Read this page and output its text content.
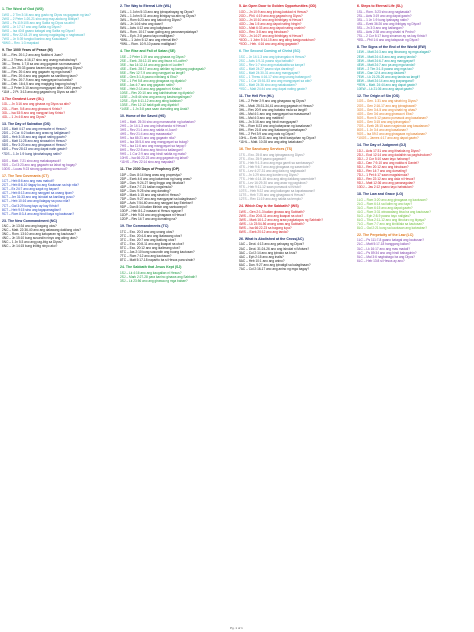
1. The Word of God (WG)
1WG – 2 Tim 3:16 ano ang gusto ng Diyos na gagawin ng tao?
2WG – 2 Peter 1:20-21 sino ang may-akda ng Bibliya?
3WG – Ps 119:105 ano ang Salita ng Diyos sa atin?
4WG – Jn 17:17 ano ang Salita ng Diyos?
5WG – Isa 40:8 gaano katagal ang Salita ng Diyos?
6WG – Rev 22:18-19 ang sinong nagdagdag o nagbawas?
7WG – Jn 5:39 tungkol kanino ang Kasulatan?
*8WG – Rev. 1:3 mapalad
9. The 1000 Years of Peace (M)
1M — Rev. 20:1,2 ano ang Nakita ni Juan?
2M — 2 Thess. 4:16,17 sino ang unang mabubuhay?
3M — Thess. 1:7,8 sa ano ang gagawin sa masasama?
4M — Jer. 25:33 gaano karami ang magugulat ng Diyos?
5M — Rev. 20:4 ano ang gagawin ng mga banal?
6M — Rev. 20:4 ano ang gagawin sa sanlibong taon?
7M — Rev. 20:7-9 ano ang mangyayari sa kanila?
8M — Deh. 16:4,5 ano ang magiging bagong buhay?
9M — 2 Peter 3:10 anong mangyayari after 1000 years?
*11M – 2 Pt. 3:13 ano ang gagawin ng Diyos sa atin?
3.The Greatest Love (GL)
1GL – Jn 3:16 ano ang ginawa ng Diyos sa atin?
2GL – Rom. 5:8 ano ang ginawa ni Kristo?
3GL – Isa 53:5 ano ang nangyari kay Kristo?
4GL – 1 Jn 4:8 ano ang Diyos?
13. The Day of Salvation (DS)
1DS – Matt 4:17 ano ang mensahe ni Hesus?
2DS – 2 Cor. 6:2 kailan ang araw ng kaligtasan?
3DS – Heb 3:15 ano ang dapat nating gawin?
4DS – Matt 11:28 ano ang sinasabi ni Hesus?
5DS – Rev 3:20 ano ang ginagawa ni Hesus?
6DS – Prov 28:13 ano ang dapat natin gawin?
*7DS – 1 Jn 1:9 kung ipinahahayag natin?
8DS – Matt. 7:21 sino ang makakapasok?
9DS – Col 3:23 ano ang gagawin sa lahat ng bagay?
10DS – Lucas 9:23 sinong gustong sumunod?
17. The Two Covenants (CT)
1CT – Heb 8:6 ano ang mas mabuti?
2CT – Heb 8:8-10 ilagay ko ang Kautusan sa isip nila?
3CT – Ex 24:7 ano ang sagot ng bayan?
4CT – Heb 8:13 ano ang nangyari sa unang tipan?
5CT – Jer 31:33 ano ang isinulat sa kanilang puso?
6CT – Heb 10:16 ano ang ilalagay sa puso nila?
7CT – Gal 3:29 kung tayo ay kay Kristo?
8CT – Heb 9:15 sino ang tagapamagitan?
9CT – Rom 8:3-4 ano ang hindi kaya ng kautusan?
23. The New Commandment (NC)
1NC – Jn 13:34 ano ang bagong utos?
2NC – Matt. 22:36-40 ano ang dalawang dakilang utos?
3NC – Rom. 13:10 ano ang katuparan ng kautusan?
4NC – Jn 15:10 kung susundin ninyo ang aking utos?
5NC – 1 Jn 5:3 ano ang pag-ibig sa Diyos?
6NC – Jn 14:15 kung iniibig ninyo ako?
2. The Way to Eternal Life (WL)
1WL – 1 John 5:13 ano ang ipinapahayag ng Diyos?
2WL – 1 John 5:11 ano ang ibinigay sa atin ng Diyos?
3WL – Rom 6:23 ano ang kaloob ng Diyos?
4WL – Jn 14:6 sino ang daan?
5WL – Acts 4:12 ano ang kaligtasan?
6WL – Rom. 10:17 saan galing ang pananampalataya?
7WL – Eph. 2:8 paano tayo maliligtas?
*8WL – 1 John 5:12 ano ang eternal life?
*9WL – Rom. 10:9-10 paano maliligtas?
4. The Rise and Fall of Satan (SE)
1SE – 2 Peter 1:19 ano ang ginawa ng Diyos?
2SE – Ezek. 28:12-15 ano ang itsura ni Lucifer?
3SE – Isa 14:12-14 ano ang gusto ni Lucifer?
4SE – Ezek. 28:17 ano ang dahilan ng kanyang pagbagsak?
5SE – Rev 12:7-9 ano ang nangyari sa langit?
6SE – Gen 3:1-6 paano nilinlang si Eba?
7SE – 1 Pet 5:8 ano ang ginagawa ng diyablo?
8SE – Jas 4:7 ano ang gagawin natin?
9SE – Heb 2:14 ano ang gagawin ni Kristo?
10SE – Rev 20:10 ano ang kahihinatnan ng diyablo?
11SE – Jn 8:44 sino ang ama ng kasinungalingan?
12SE – Eph 6:11-12 ano ang ating kalaban?
13SE – Rev 12:12 bakit galit ang diyablo?
*14SE – 1 Jn 3:8 para saan dumating ang Anak?
10. Home of the Saved (HS)
1HS – Matt. 25:34 sino ang mamanahin ng kaharian?
2HS – Jn 14:1-3 ano ang inihahanda ni Hesus?
3HS – Rev 21:1 ano ang nakita ni Juan?
4HS – Rev 21:4 ano ang mawawala?
5HS – Isa 65:21 ano ang gagawin nila?
6HS – Isa 35:5-6 ano ang mangyayari sa bulag?
7HS – Isa 11:6 ano ang mangyayari sa hayop?
8HS – Rev 22:5 ano ang hindi na kailangan?
9HS – 1 Cor 2:9 ano ang hindi nakita ng mata?
10HS – Isa 66:22-23 ano ang gagawin ng lahat?
*11HS – Rev 22:14 sino ang mapalad?
11. The 2300 Days of Prophecy (DP)
1DP – Dan. 8:14 ilang araw ang propesiya?
2DP – Ezek 4:6 ano ang katumbas ng isang araw?
3DP – Dan. 9:24-27 ilang linggo ang itinakda?
4DP – Ezra 7:7-21 kailan nagsimula?
5DP – Dan. 9:25 sino ang darating?
6DP – Mark 1:15 ano ang sinabi ni Hesus?
7DP – Dan. 9:27 ano ang mangyayari sa kalagitnaan?
8DP – Acts 7:54-60 ano ang nangyari kay Esteban?
9DP – Dan 8:14 kailan lilinisin ang santuwaryo?
10DP – Heb 8:1-2 nasaan si Hesus ngayon?
11DP – Heb 9:24 ano ang ginagawa ni Hesus?
12DP – Rev 14:7 ano ang dumating na?
19. The Commandments (TC)
1TC – Exo. 20:3 ano ang unang utos?
2TC – Exo. 20:4-6 ano ang ikalawang utos?
3TC – Exo. 20:7 ano ang ikatlong utos?
4TC – Exo. 20:8-11 ano ang ikaapat na utos?
5TC – Exo. 20:12 ano ang ikalimang utos?
6TC – Jas 2:10 kung susundin ang buong kautusan?
7TC – Rom 7:12 ano ang kautusan?
8TC – Matt 5:17-18 naparito ba si Hesus para sirain?
24. The Sabbath that Jesus Kept (SJ)
1SJ – Lk 4:16 ano ang kaugalian ni Hesus?
2SJ – Mark 2:27-28 para kanino ginawa ang Sabbath?
3SJ – Lk 23:56 ano ang ginawa ng mga babae?
5. An Open Door to Golden Opportunities (OD)
1OD – Jn 10:9 ano ang ipinag-katulad ni Hesus?
2OD – Phil. 4:19 ano ang gagawin ng Diyos?
3OD – Jn 10:10 ano ang ibinibigay ni Hesus?
4OD – Jas 1:5 ano ang dapat nating hingin?
5OD – Matt 6:33 ano ang dapat nating unahin?
6OD – Rev. 3:8 ano ang binuksan?
7OD – Jn 14:27 ano ang ibinibigay ni Hesus?
*8OD – 1 John 5:14-15 ano ang ating kasiguraduhan?
*9OD – Heb. 4:16 ano ang ating gagawin?
6. The Second Coming of Christ (SC)
1SC – Jn 14:1-3 ano ang ipinangako ni Hesus?
2SC – Acts 1:9-11 paano siya babalik?
3SC – Rev 1:7 sino ang makakakita sa kanya?
4SC – Matt 24:27 paano siya darating?
5SC – Matt 24:30-31 ano ang mangyayari?
6SC – 1 Thess 4:16-17 sino ang unang babangon?
7SC – 1 Cor 15:51-53 ano ang mangyayari sa atin?
8SC – Matt 24:36 sino ang nakakaalam?
*9SC – Matt 24:44 ano ang dapat nating gawin?
11. The Hell Fire (HL)
1HL – 2 Peter 2:9 ano ang ginagawa ng Diyos?
2HL – Matt. 25:31-34,41 ano ang gagawin ni Hesus?
3HL – Rev 20:9 ano ang bababa mula sa langit?
4HL – Mal 4:1 ano ang mangyayari sa masasama?
5HL – Mal 4:3 ano ang matitira?
6HL – Jn 3:16 ano ang hindi mangyayari?
7HL – Rom 6:23 ano ang kabayaran ng kasalanan?
8HL – Rev 21:8 ano ang ikalawang kamatayan?
9HL – 2 Pet 3:9 ano ang nais ng Diyos?
10HL – Ezek 33:11 ano ang hindi kasiyahan ng Diyos?
*11HL – Matt. 10:28 ano ang ating katakutan?
16. The Sanctuary Services (TS)
1TS – Exo. 25:8 ano ang ipinagawa ng Diyos?
2TS – Exo. 25:9 paano gagawin?
3TS – Heb 9:1-5 ano ang mga gamit sa santuwaryo?
4TS – Heb 9:6-7 ano ang ginagawa ng saserdote?
5TS – Lev 4:27-31 ano ang dala ng nagkasala?
6TS – Jn 1:29 sino ang kordero ng Diyos?
7TS – Heb 4:14-16 sino ang ating dakilang saserdote?
8TS – Lev 16:29-30 ano ang araw ng pagtubos?
9TS – Heb 9:11-12 saan pumasok si Kristo?
10TS – Heb 9:22 ano ang kailangan sa kapatawaran?
11TS – Heb 7:25 ano ang ginagawa ni Hesus?
12TS – Rev 11:19 ano ang nakita sa templo?
24. Which Day is the Sabbath? (WS)
1WS – Gen 2:1-3 kailan ginawa ang Sabbath?
2WS – Exo 20:8-11 ano ang ikaapat na utos?
3WS – Mark 16:1-2 ano ang araw pagkatapos ng Sabbath?
4WS – Lk 23:54-56 anong araw ang Sabbath?
5WS – Isa 66:22-23 sa bagong lupa?
6WS – Ezek 20:12 ano ang tanda?
26. What is Abolished at the Cross(AC)
1AC – Deut. 4:13 ano ang pahayag ng Diyos?
2AC – Deut. 31:24-26 ano ang isinulat ni Moises?
3AC – Col 2:14 ano ang ipinako sa krus?
4AC – Eph 2:15 ano ang inalis?
5AC – Heb 10:1 ano ang anino?
6AC – Dan. 9:27 ano ang ipinatigil sa kalagitnaan?
7AC – Col 2:16-17 ano ang anino ng mga bagay?
6. Steps to Eternal Life (SL)
1SL – Rom. 3:23 sino ang nagkasala?
2SL – Acts 3:19 ano ang dapat gawin?
3SL – 1 Jn 1:9 kung ipahayag natin?
4SL – Ezek 36:26 ano ang ibibigay ng Diyos?
5SL – Jn 3:3 ano ang kailangan?
6SL – Acts 2:38 ano ang sinabi ni Pedro?
7SL – 2 Cor 5:17 kung sinuman ay na kay Kristo?
*8SL – Phil 1:6 ano ang tatapusin ng Diyos?
8. The Signs of the End of the World (EW)
1EW – Matt 24:3 ano ang itinanong ng mga alagad?
2EW – Matt 24:4-5 ano ang unang tanda?
3EW – Matt 24:6-7 ano ang mangyayari?
4EW – Matt 24:7 ano pa ang mga tanda?
5EW – 2 Tim 3:1-5 paano ang mga tao?
6EW – Dan 12:4 ano ang dadami?
7EW – Lk 21:25-26 ano ang tanda sa langit?
8EW – Matt 24:14 ano ang ipapangaral?
*9EW – Matt. 24:44 ano ang dapat gawin?
10EW – Lk 21:36 ano ang dapat gawin?
12. The Origin of Sin (OS)
1OS – Gen. 1:31 ano ang sinabi ng Diyos?
2OS – Gen 2:16-17 ano ang ipinagbawal?
3OS – Gen 3:4-5 ano ang sinabi ng ahas?
4OS – Gen 3:6 ano ang ginawa ni Eba?
5OS – Rom 5:12 paano pumasok ang kasalanan?
6OS – Gen 3:15 ano ang ipinangako?
7OS – Ezek 28:15 saan nagsimula ang kasalanan?
8OS – 1 Jn 3:4 ano ang kasalanan?
9OS – Isa 59:2 ano ang ginagawa ng kasalanan?
*10OS – James 4:17 ano ang dapat gawin?
14. The Day of Judgment (DJ)
1DJ – Acts 17:31 ano ang itinakda ng Diyos?
2DJ – Eccl 12:14 ano ang dadalhin sa paghuhukom?
3DJ – 2 Cor 5:10 saan tayo haharap?
4DJ – Dan 7:9-10 ano ang nakita ni Daniel?
5DJ – Rev 20:12 ano ang binuksan?
6DJ – Rev 14:7 ano ang dumating?
7DJ – 1 Pet 4:17 saan magsisimula?
8DJ – Rev 22:12 ano ang dala ni Hesus?
9DJ – Matt 12:36 ano ang pananagutan?
10DJ – Jas 2:12 paano tayo hahatulan?
18. The Law and Grace (LG)
1LG – Rom 3:20 ano ang ginagawa ng kautusan?
2LG – Rom 6:14 sa ilalim ng ano tayo?
3LG – Rom 6:15 ano ang dapat gawin?
4LG – Rom 3:31 winawalang bisa ba ang kautusan?
5LG – Eph 2:8-9 paano tayo naligtas?
6LG – Titus 2:11-12 ano ang itinuturo ng biyaya?
7LG – Rom 7:7 ano ang kinikilala sa kautusan?
8LG – Gal 2:21 kung sa kautusan ang katuwiran?
22. The Perpetuity of the Law (LC)
1LC – Ps 111:7-8 gaano katagal ang kautusan?
2LC – Matt 5:17-18 hanggang kailan?
3LC – Lk 16:17 ano ang mas madali?
4LC – Ps 89:34 ano ang hindi babaguhin?
5LC – Mal 3:6 nagbabago ba ang Diyos?
6LC – Heb 13:8 si Hesus ay ano?
Pg. 1 of 1
